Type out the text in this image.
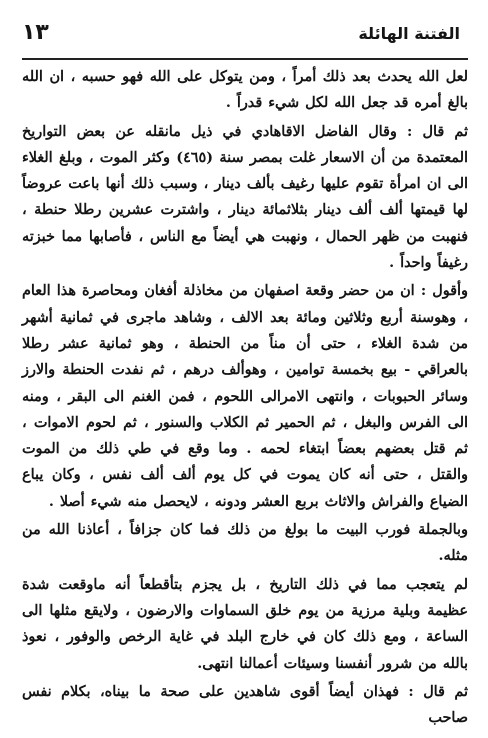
الفتنة الهائلة
١٣

لعل الله يحدث بعد ذلك أمراً ، ومن يتوكل على الله فهو حسبه ، ان الله بالغ أمره قد جعل الله لكل شيء قدراً .

ثم قال : وقال الفاضل الاقاهادي في ذيل مانقله عن بعض التواريخ المعتمدة من أن الاسعار غلت بمصر سنة (٤٦٥) وكثر الموت ، وبلغ الغلاء الى ان امرأة تقوم عليها رغيف بألف دينار ، وسبب ذلك أنها باعت عروضاً لها قيمتها ألف ألف دينار بثلاثمائة دينار ، واشترت عشرين رطلا حنطة ، فنهبت من ظهر الحمال ، ونهبت هي أيضاً مع الناس ، فأصابها مما خبزته رغيفاً واحداً .

وأقول : ان من حضر وقعة اصفهان من مخاذلة أفغان ومحاصرة هذا العام ، وهوسنة أربع وثلاثين ومائة بعد الالف ، وشاهد ماجرى في ثمانية أشهر من شدة الغلاء ، حتى أن مناً من الحنطة ، وهو ثمانية عشر رطلا بالعراقي - بيع بخمسة توامين ، وهوألف درهم ، ثم نفدت الحنطة والارز وسائر الحبوبات ، وانتهى الامرالى اللحوم ، فمن الغنم الى البقر ، ومنه الى الفرس والبغل ، ثم الحمير ثم الكلاب والسنور ، ثم لحوم الاموات ، ثم قتل بعضهم بعضاً ابتغاء لحمه . وما وقع في طي ذلك من الموت والقتل ، حتى أنه كان يموت في كل يوم ألف ألف نفس ، وكان يباع الضياع والفراش والاثاث بربع العشر ودونه ، لايحصل منه شيء أصلا .

وبالجملة فورب البيت ما بولغ من ذلك فما كان جزافاً ، أعاذنا الله من مثله.

لم يتعجب مما في ذلك التاريخ ، بل يجزم بتأقطعاً أنه ماوقعت شدة عظيمة وبلية مرزية من يوم خلق السماوات والارضون ، ولايقع مثلها الى الساعة ، ومع ذلك كان في خارج البلد في غاية الرخص والوفور ، نعوذ بالله من شرور أنفسنا وسيئات أعمالنا انتهى.

ثم قال : فهذان أيضاً أقوى شاهدين على صحة ما بيناه، بكلام نفس صاحب
